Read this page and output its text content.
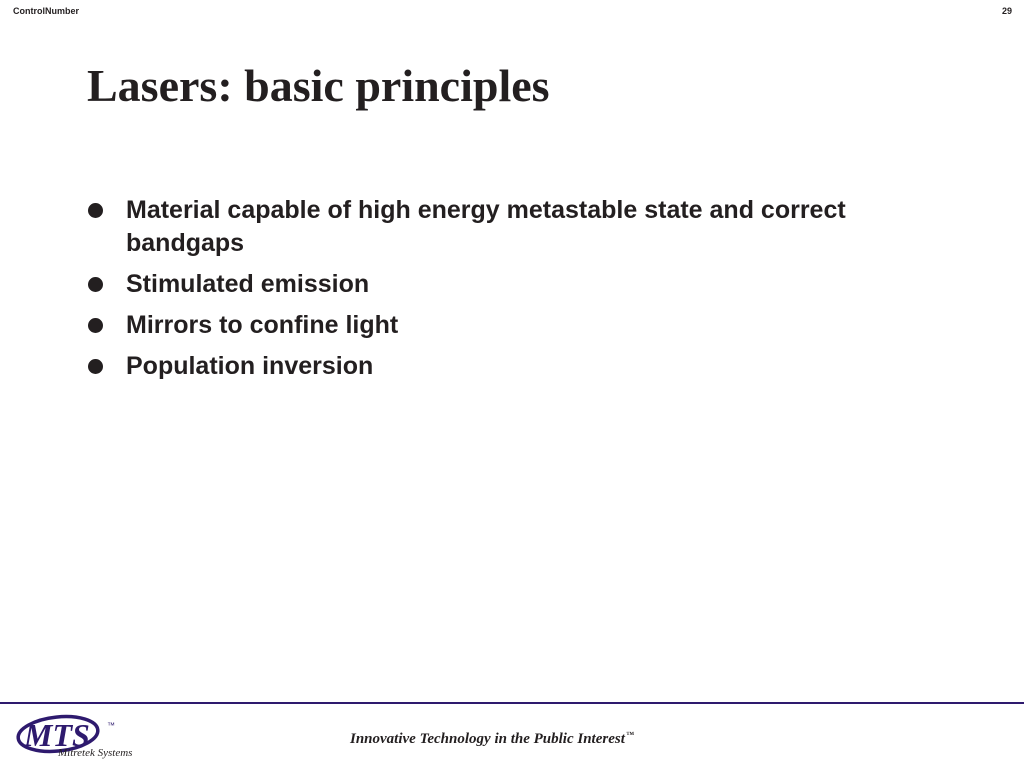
ControlNumber	29
Lasers: basic principles
Material capable of high energy metastable state and correct bandgaps
Stimulated emission
Mirrors to confine light
Population inversion
MTS ™
Mitretek Systems
Innovative Technology in the Public Interest™
